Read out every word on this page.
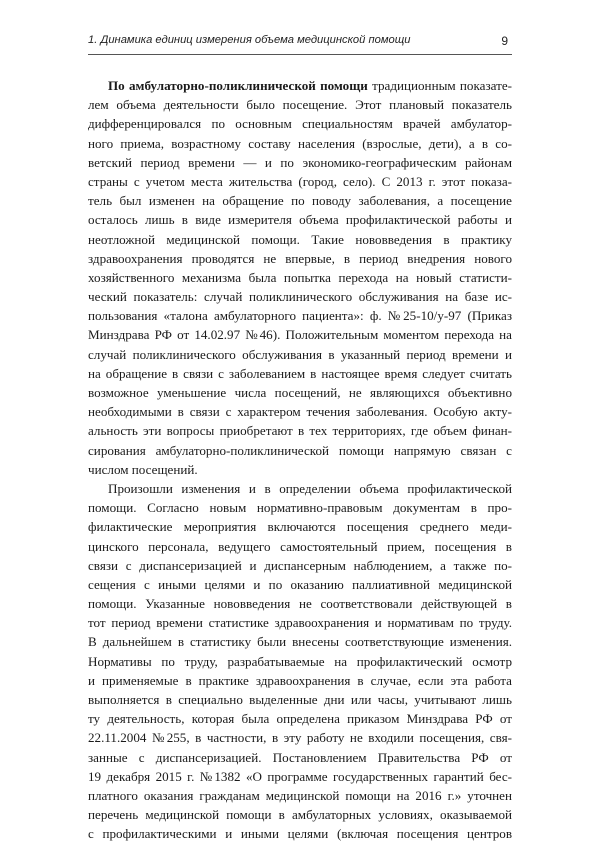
1. Динамика единиц измерения объема медицинской помощи	9
По амбулаторно-поликлинической помощи традиционным показате-
лем объема деятельности было посещение. Этот плановый показатель
дифференцировался по основным специальностям врачей амбулатор-
ного приема, возрастному составу населения (взрослые, дети), а в со-
ветский период времени — и по экономико-географическим районам
страны с учетом места жительства (город, село). С 2013 г. этот показа-
тель был изменен на обращение по поводу заболевания, а посещение
осталось лишь в виде измерителя объема профилактической работы и
неотложной медицинской помощи. Такие нововведения в практику
здравоохранения проводятся не впервые, в период внедрения нового
хозяйственного механизма была попытка перехода на новый статисти-
ческий показатель: случай поликлинического обслуживания на базе ис-
пользования «талона амбулаторного пациента»: ф. №25-10/у-97 (Приказ
Минздрава РФ от 14.02.97 №46). Положительным моментом перехода на
случай поликлинического обслуживания в указанный период времени и
на обращение в связи с заболеванием в настоящее время следует считать
возможное уменьшение числа посещений, не являющихся объективно
необходимыми в связи с характером течения заболевания. Особую акту-
альность эти вопросы приобретают в тех территориях, где объем финан-
сирования амбулаторно-поликлинической помощи напрямую связан с
числом посещений.
Произошли изменения и в определении объема профилактической
помощи. Согласно новым нормативно-правовым документам в про-
филактические мероприятия включаются посещения среднего меди-
цинского персонала, ведущего самостоятельный прием, посещения в
связи с диспансеризацией и диспансерным наблюдением, а также по-
сещения с иными целями и по оказанию паллиативной медицинской
помощи. Указанные нововведения не соответствовали действующей в
тот период времени статистике здравоохранения и нормативам по труду.
В дальнейшем в статистику были внесены соответствующие изменения.
Нормативы по труду, разрабатываемые на профилактический осмотр
и применяемые в практике здравоохранения в случае, если эта работа
выполняется в специально выделенные дни или часы, учитывают лишь
ту деятельность, которая была определена приказом Минздрава РФ от
22.11.2004 №255, в частности, в эту работу не входили посещения, свя-
занные с диспансеризацией. Постановлением Правительства РФ от
19 декабря 2015 г. №1382 «О программе государственных гарантий бес-
платного оказания гражданам медицинской помощи на 2016 г.» уточнен
перечень медицинской помощи в амбулаторных условиях, оказываемой
с профилактическими и иными целями (включая посещения центров
